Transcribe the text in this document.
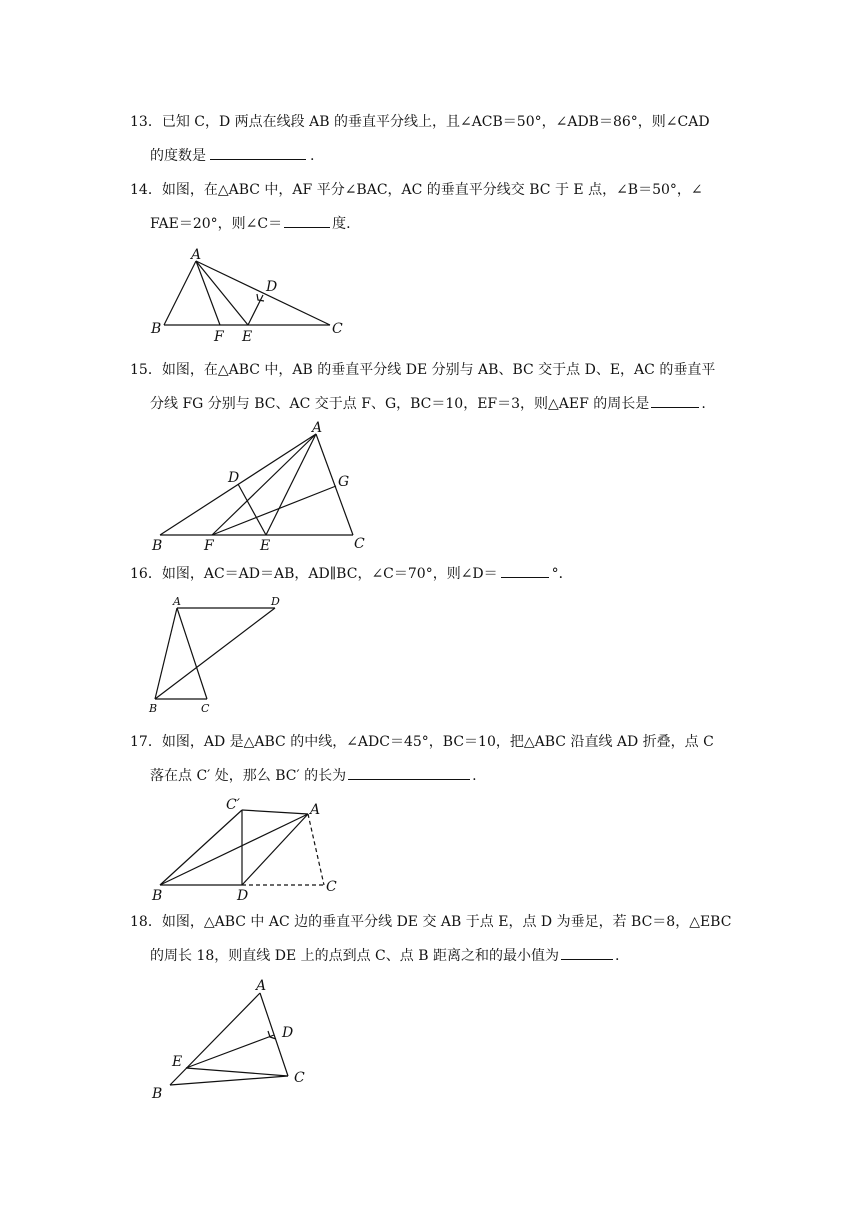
13．已知 C，D 两点在线段 AB 的垂直平分线上，且∠ACB＝50°，∠ADB＝86°，则∠CAD
的度数是	.
14．如图，在△ABC 中，AF 平分∠BAC，AC 的垂直平分线交 BC 于 E 点，∠B＝50°，∠
FAE＝20°，则∠C＝	度.
A
D
B	F E	C
15．如图，在△ABC 中，AB 的垂直平分线 DE 分别与 AB、BC 交于点 D、E，AC 的垂直平
分线 FG 分别与 BC、AC 交于点 F、G，BC＝10，EF＝3，则△AEF 的周长是	.
A
D	G
B	F	E	C
16．如图，AC＝AD＝AB，AD∥BC，∠C＝70°，则∠D＝	°．
A	D
B	C
17．如图，AD 是△ABC 的中线，∠ADC＝45°，BC＝10，把△ABC 沿直线 AD 折叠，点 C
落在点 C′ 处，那么 BC′ 的长为	.
C′	A
B	D
C
18．如图，△ABC 中 AC 边的垂直平分线 DE 交 AB 于点 E，点 D 为垂足，若 BC＝8，△EBC
的周长 18，则直线 DE 上的点到点 C、点 B 距离之和的最小值为	.
A
D
E
C
B
